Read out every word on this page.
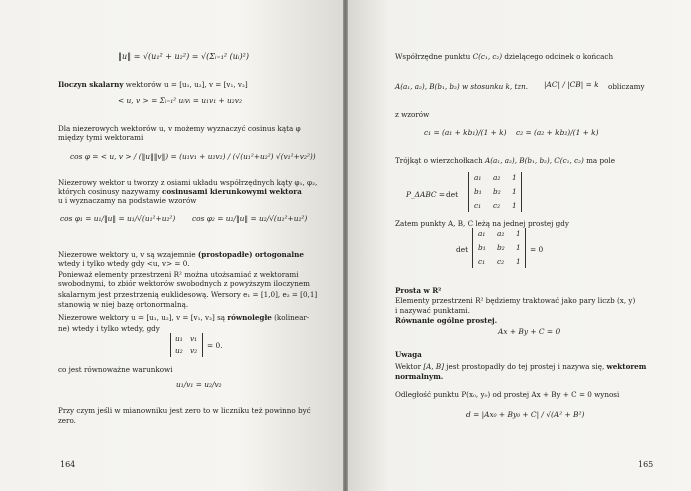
‖u‖ = √(u₁² + u₂²) = √(Σᵢ₌₁² (uᵢ)²)
Iloczyn skalarny wektorów u = [u₁, u₂], v = [v₁, v₂]
< u, v > = Σᵢ₌₁² uᵢvᵢ = u₁v₁ + u₂v₂
Dla niezerowych wektorów u, v możemy wyznaczyć cosinus kąta φ
między tymi wektorami
cos φ = < u, v > / (‖u‖‖v‖) = (u₁v₁ + u₂v₂) / (√(u₁²+u₂²) √(v₁²+v₂²))
Niezerowy wektor u tworzy z osiami układu współrzędnych kąty φ₁, φ₂,
których cosinusy nazywamy cosinusami kierunkowymi wektora
u i wyznaczamy na podstawie wzorów
cos φ₁ = u₁/‖u‖ = u₁/√(u₁²+u₂²) cos φ₂ = u₂/‖u‖ = u₂/√(u₁²+u₂²)
Niezerowe wektory u, v są wzajemnie (prostopadłe) ortogonalne
wtedy i tylko wtedy gdy <u, v> = 0.
Ponieważ elementy przestrzeni R² można utożsamiać z wektorami
swobodnymi, to zbiór wektorów swobodnych z powyższym iloczynem
skalarnym jest przestrzenią euklidesową. Wersory e₁ = [1,0], e₂ = [0,1]
stanowią w niej bazę ortonormalną.
Niezerowe wektory u = [u₁, u₂], v = [v₁, v₂] są równoległe (kolinear-
ne) wtedy i tylko wtedy, gdy
u₁ v₁
u₂ v₂
= 0.
co jest równoważne warunkowi
u₁/v₁ = u₂/v₂
Przy czym jeśli w mianowniku jest zero to w liczniku też powinno być
zero.
164
Współrzędne punktu C(c₁, c₂) dzielącego odcinek o końcach
A(a₁, a₂), B(b₁, b₂) w stosunku k, tzn. |AC| / |CB| = k obliczamy
z wzorów
c₁ = (a₁ + kb₁)/(1 + k) c₂ = (a₂ + kb₂)/(1 + k)
Trójkąt o wierzchołkach A(a₁, a₂), B(b₁, b₂), C(c₁, c₂) ma pole
P_ΔABC = det
a₁ a₂ 1
b₁ b₂ 1
c₁ c₂ 1
Zatem punkty A, B, C leżą na jednej prostej gdy
det
a₁ a₂ 1
b₁ b₂ 1
c₁ c₂ 1
= 0
Prosta w R²
Elementy przestrzeni R² będziemy traktować jako pary liczb (x, y)
i nazywać punktami.
Równanie ogólne prostej.
Ax + By + C = 0
Uwaga
Wektor [A, B] jest prostopadły do tej prostej i nazywa się, wektorem
normalnym.
Odległość punktu P(x₀, y₀) od prostej Ax + By + C = 0 wynosi
d = |Ax₀ + By₀ + C| / √(A² + B²)
165
